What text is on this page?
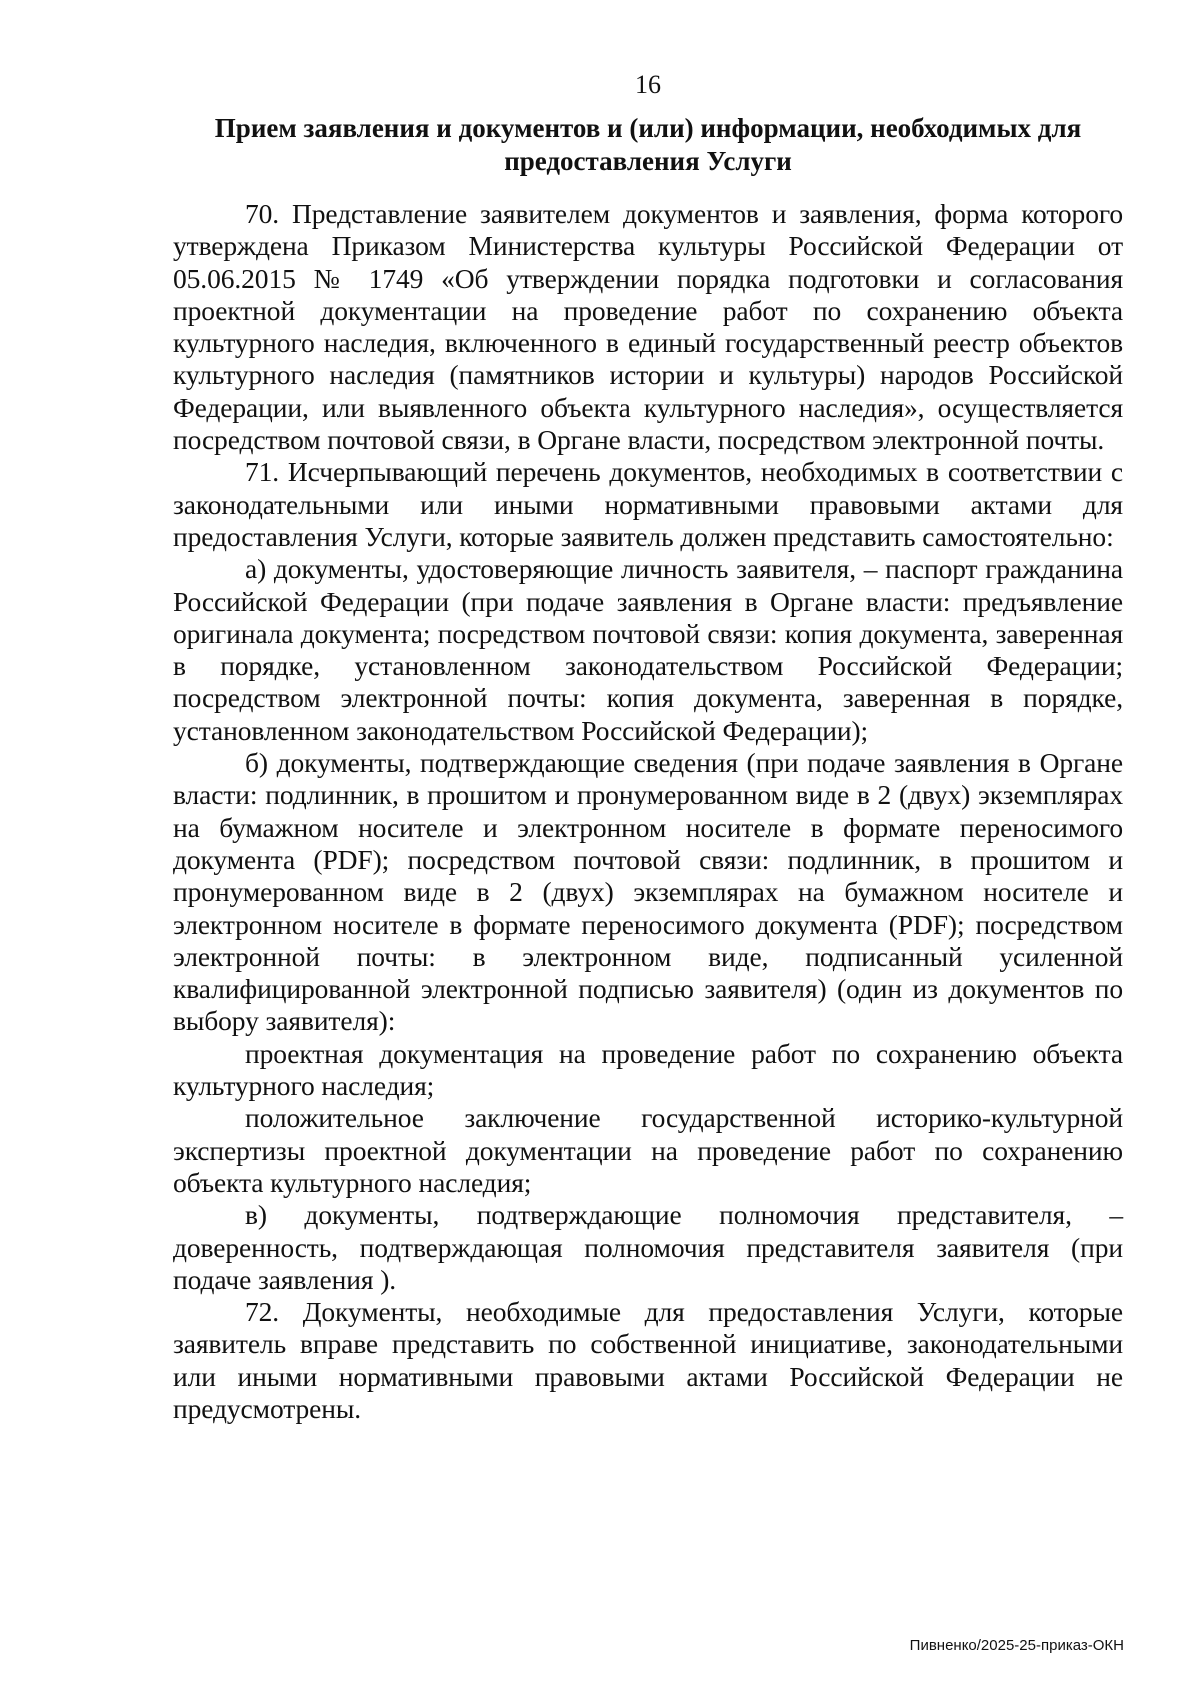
16
Прием заявления и документов и (или) информации, необходимых для предоставления Услуги

70. Представление заявителем документов и заявления, форма которого утверждена Приказом Министерства культуры Российской Федерации от 05.06.2015 № 1749 «Об утверждении порядка подготовки и согласования проектной документации на проведение работ по сохранению объекта культурного наследия, включенного в единый государственный реестр объектов культурного наследия (памятников истории и культуры) народов Российской Федерации, или выявленного объекта культурного наследия», осуществляется посредством почтовой связи, в Органе власти, посредством электронной почты.

71. Исчерпывающий перечень документов, необходимых в соответствии с законодательными или иными нормативными правовыми актами для предоставления Услуги, которые заявитель должен представить самостоятельно:

а) документы, удостоверяющие личность заявителя, – паспорт гражданина Российской Федерации (при подаче заявления в Органе власти: предъявление оригинала документа; посредством почтовой связи: копия документа, заверенная в порядке, установленном законодательством Российской Федерации; посредством электронной почты: копия документа, заверенная в порядке, установленном законодательством Российской Федерации);

б) документы, подтверждающие сведения (при подаче заявления в Органе власти: подлинник, в прошитом и пронумерованном виде в 2 (двух) экземплярах на бумажном носителе и электронном носителе в формате переносимого документа (PDF); посредством почтовой связи: подлинник, в прошитом и пронумерованном виде в 2 (двух) экземплярах на бумажном носителе и электронном носителе в формате переносимого документа (PDF); посредством электронной почты: в электронном виде, подписанный усиленной квалифицированной электронной подписью заявителя) (один из документов по выбору заявителя):

проектная документация на проведение работ по сохранению объекта культурного наследия;

положительное заключение государственной историко-культурной экспертизы проектной документации на проведение работ по сохранению объекта культурного наследия;

в) документы, подтверждающие полномочия представителя, – доверенность, подтверждающая полномочия представителя заявителя (при подаче заявления ).

72. Документы, необходимые для предоставления Услуги, которые заявитель вправе представить по собственной инициативе, законодательными или иными нормативными правовыми актами Российской Федерации не предусмотрены.

Пивненко/2025-25-приказ-ОКН
